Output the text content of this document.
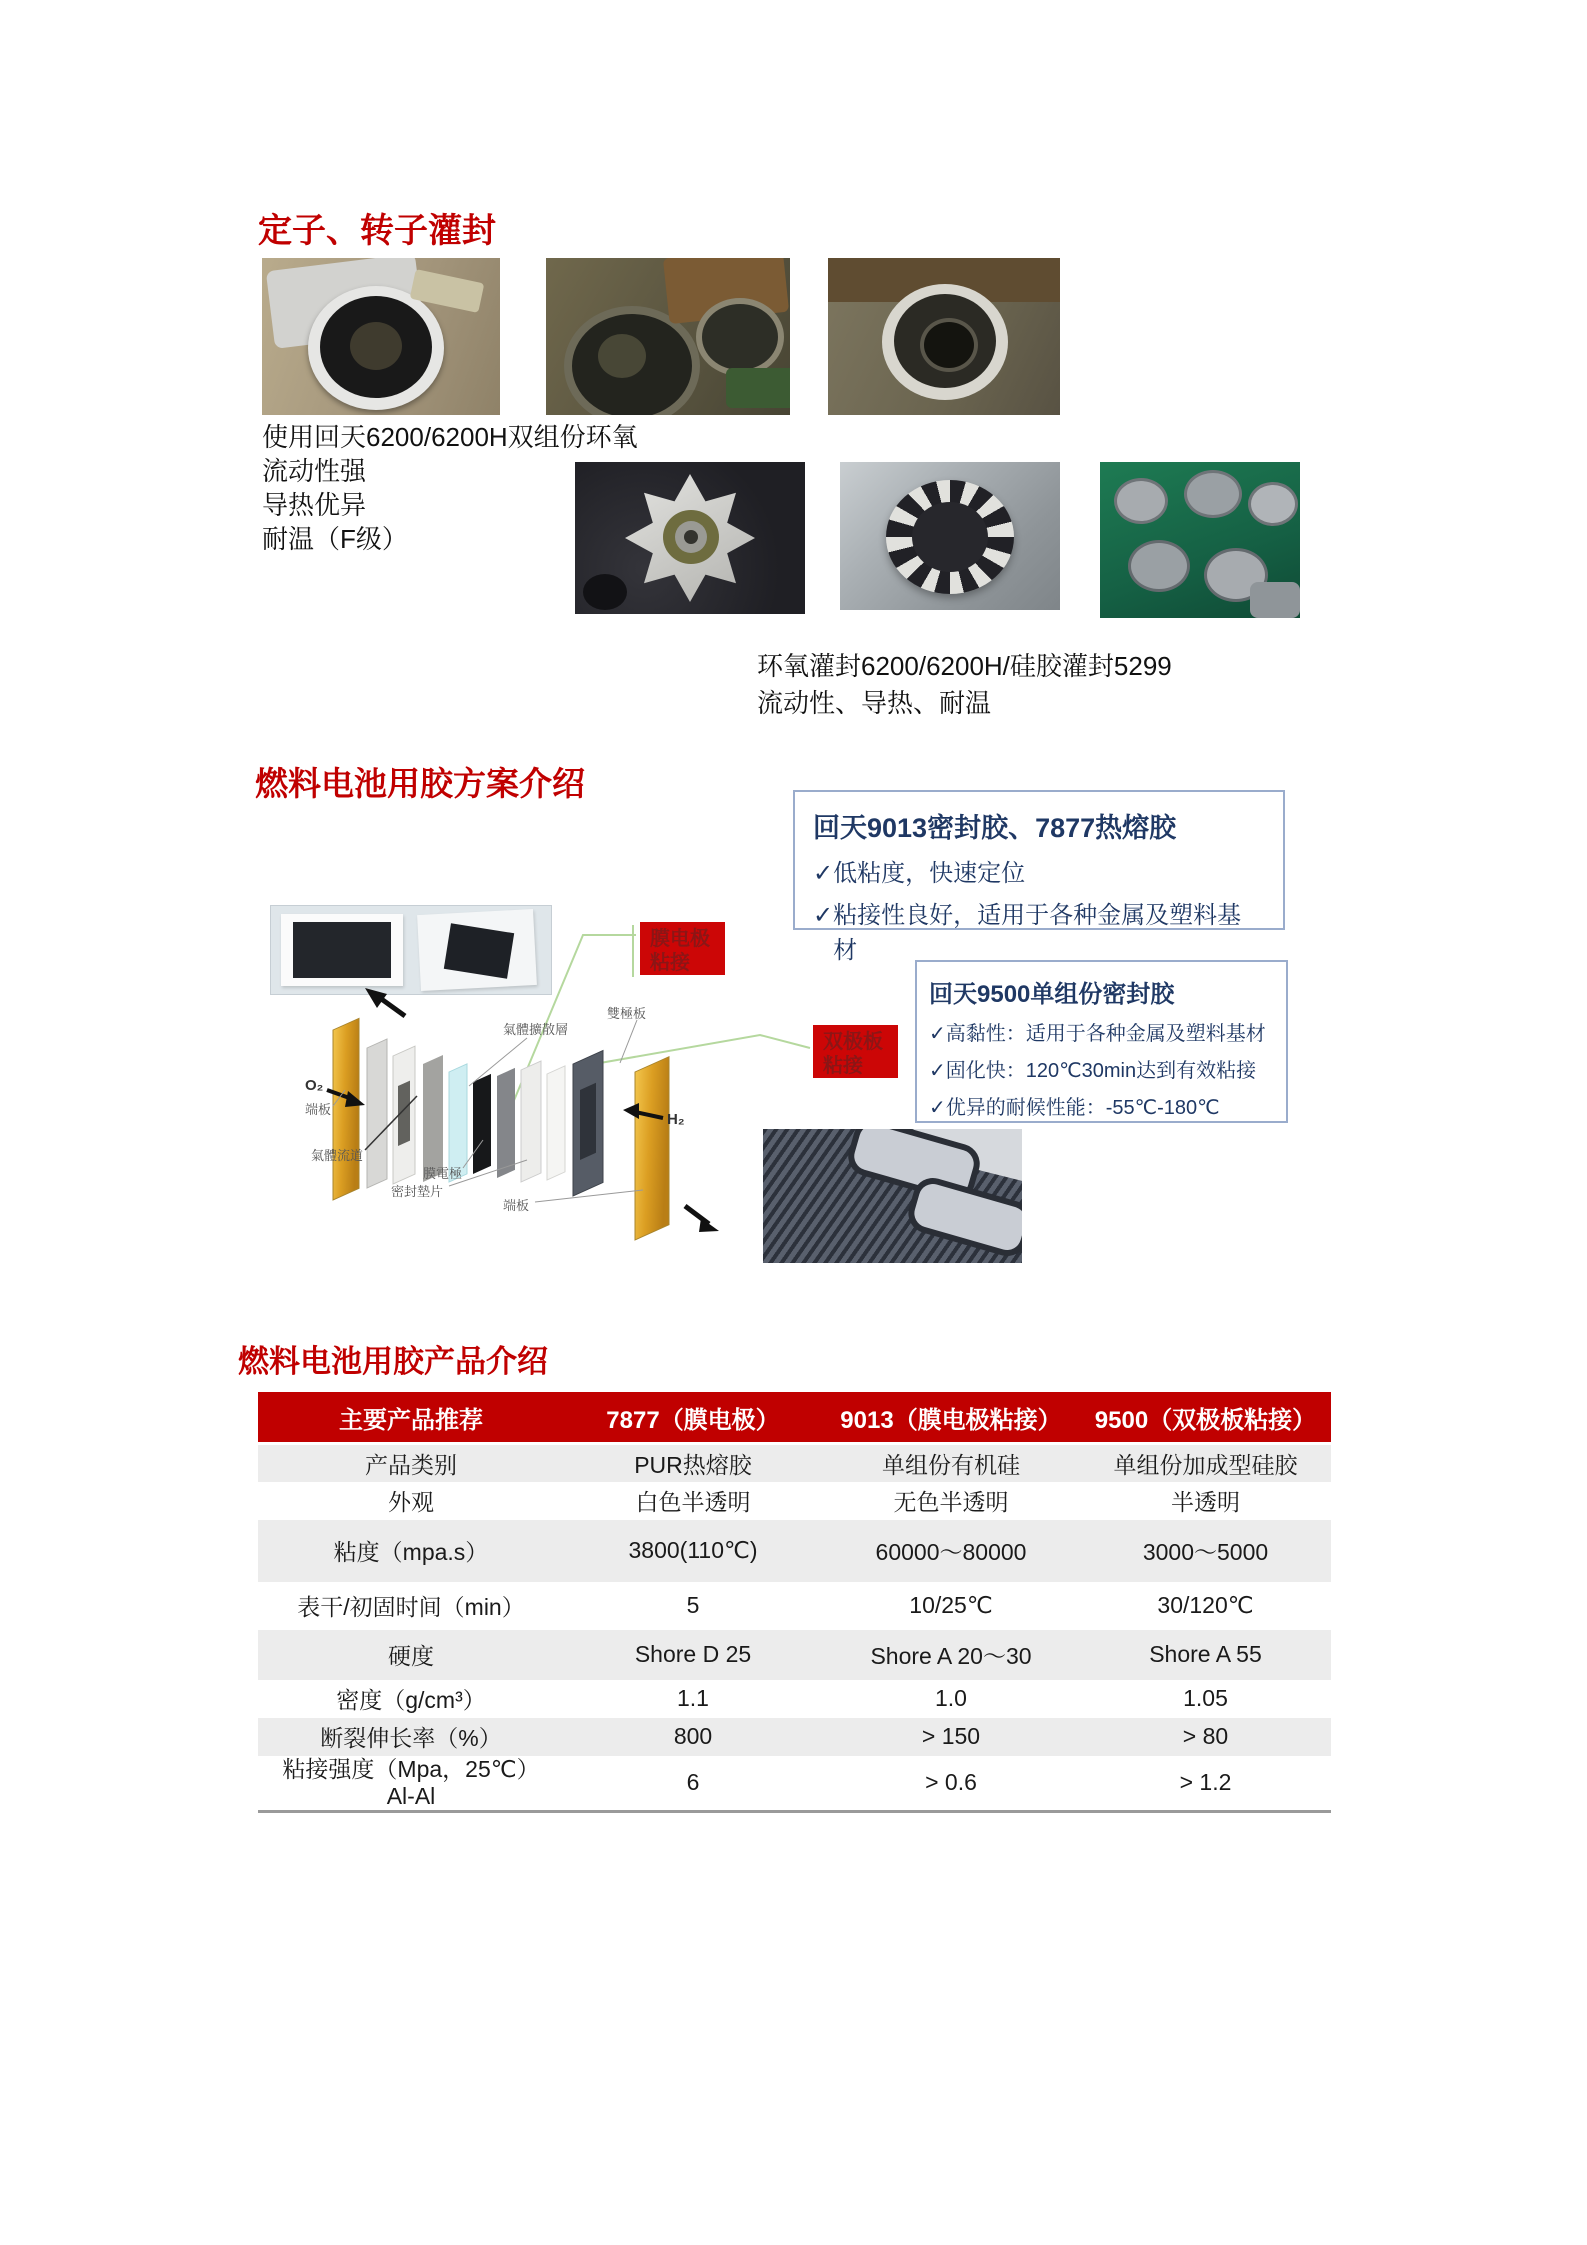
定子、转子灌封
使用回天6200/6200H双组份环氧
流动性强
导热优异
耐温（F级）
环氧灌封6200/6200H/硅胶灌封5299
流动性、导热、耐温
燃料电池用胶方案介绍
回天9013密封胶、7877热熔胶
✓ 低粘度，快速定位
✓ 粘接性良好，适用于各种金属及塑料基材
膜电极
粘接
双极板
粘接
回天9500单组份密封胶
✓ 高黏性：适用于各种金属及塑料基材
✓ 固化快：120℃30min达到有效粘接
✓ 优异的耐候性能：-55℃-180℃
雙極板
氣體擴散層
O₂
端板
氣體流道
膜電極
密封墊片
端板
H₂
燃料电池用胶产品介绍
主要产品推荐	7877（膜电极）	9013（膜电极粘接）	9500（双极板粘接）
产品类别	PUR热熔胶	单组份有机硅	单组份加成型硅胶
外观	白色半透明	无色半透明	半透明
粘度（mpa.s）	3800(110℃)	60000～80000	3000～5000
表干/初固时间（min）	5	10/25℃	30/120℃
硬度	Shore D 25	Shore A 20～30	Shore A 55
密度（g/cm³）	1.1	1.0	1.05
断裂伸长率（%）	800	> 150	> 80

粘接强度（Mpa，25℃）
Al-Al	6	> 0.6	> 1.2
